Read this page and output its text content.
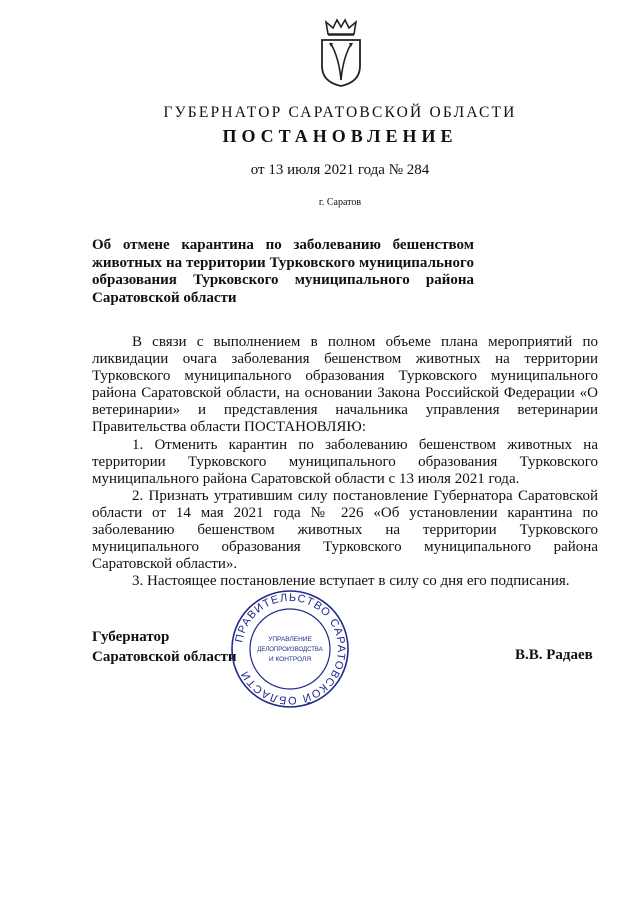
ГУБЕРНАТОР САРАТОВСКОЙ ОБЛАСТИ
ПОСТАНОВЛЕНИЕ
от 13 июля 2021 года № 284
г. Саратов
Об отмене карантина по заболеванию бешенством животных на территории Турковского муниципального образования Турковского муниципального района Саратовской области

В связи с выполнением в полном объеме плана мероприятий по ликвидации очага заболевания бешенством животных на территории Турковского муниципального образования Турковского муниципального района Саратовской области, на основании Закона Российской Федерации «О ветеринарии» и представления начальника управления ветеринарии Правительства области ПОСТАНОВЛЯЮ:

1. Отменить карантин по заболеванию бешенством животных на территории Турковского муниципального образования Турковского муниципального района Саратовской области с 13 июля 2021 года.

2. Признать утратившим силу постановление Губернатора Саратовской области от 14 мая 2021 года № 226 «Об установлении карантина по заболеванию бешенством животных на территории Турковского муниципального образования Турковского муниципального района Саратовской области».

3. Настоящее постановление вступает в силу со дня его подписания.

Губернатор
Саратовской области	В.В. Радаев
ПРАВИТЕЛЬСТВО САРАТОВСКОЙ ОБЛАСТИ
УПРАВЛЕНИЕ
ДЕЛОПРОИЗВОДСТВА
И КОНТРОЛЯ
